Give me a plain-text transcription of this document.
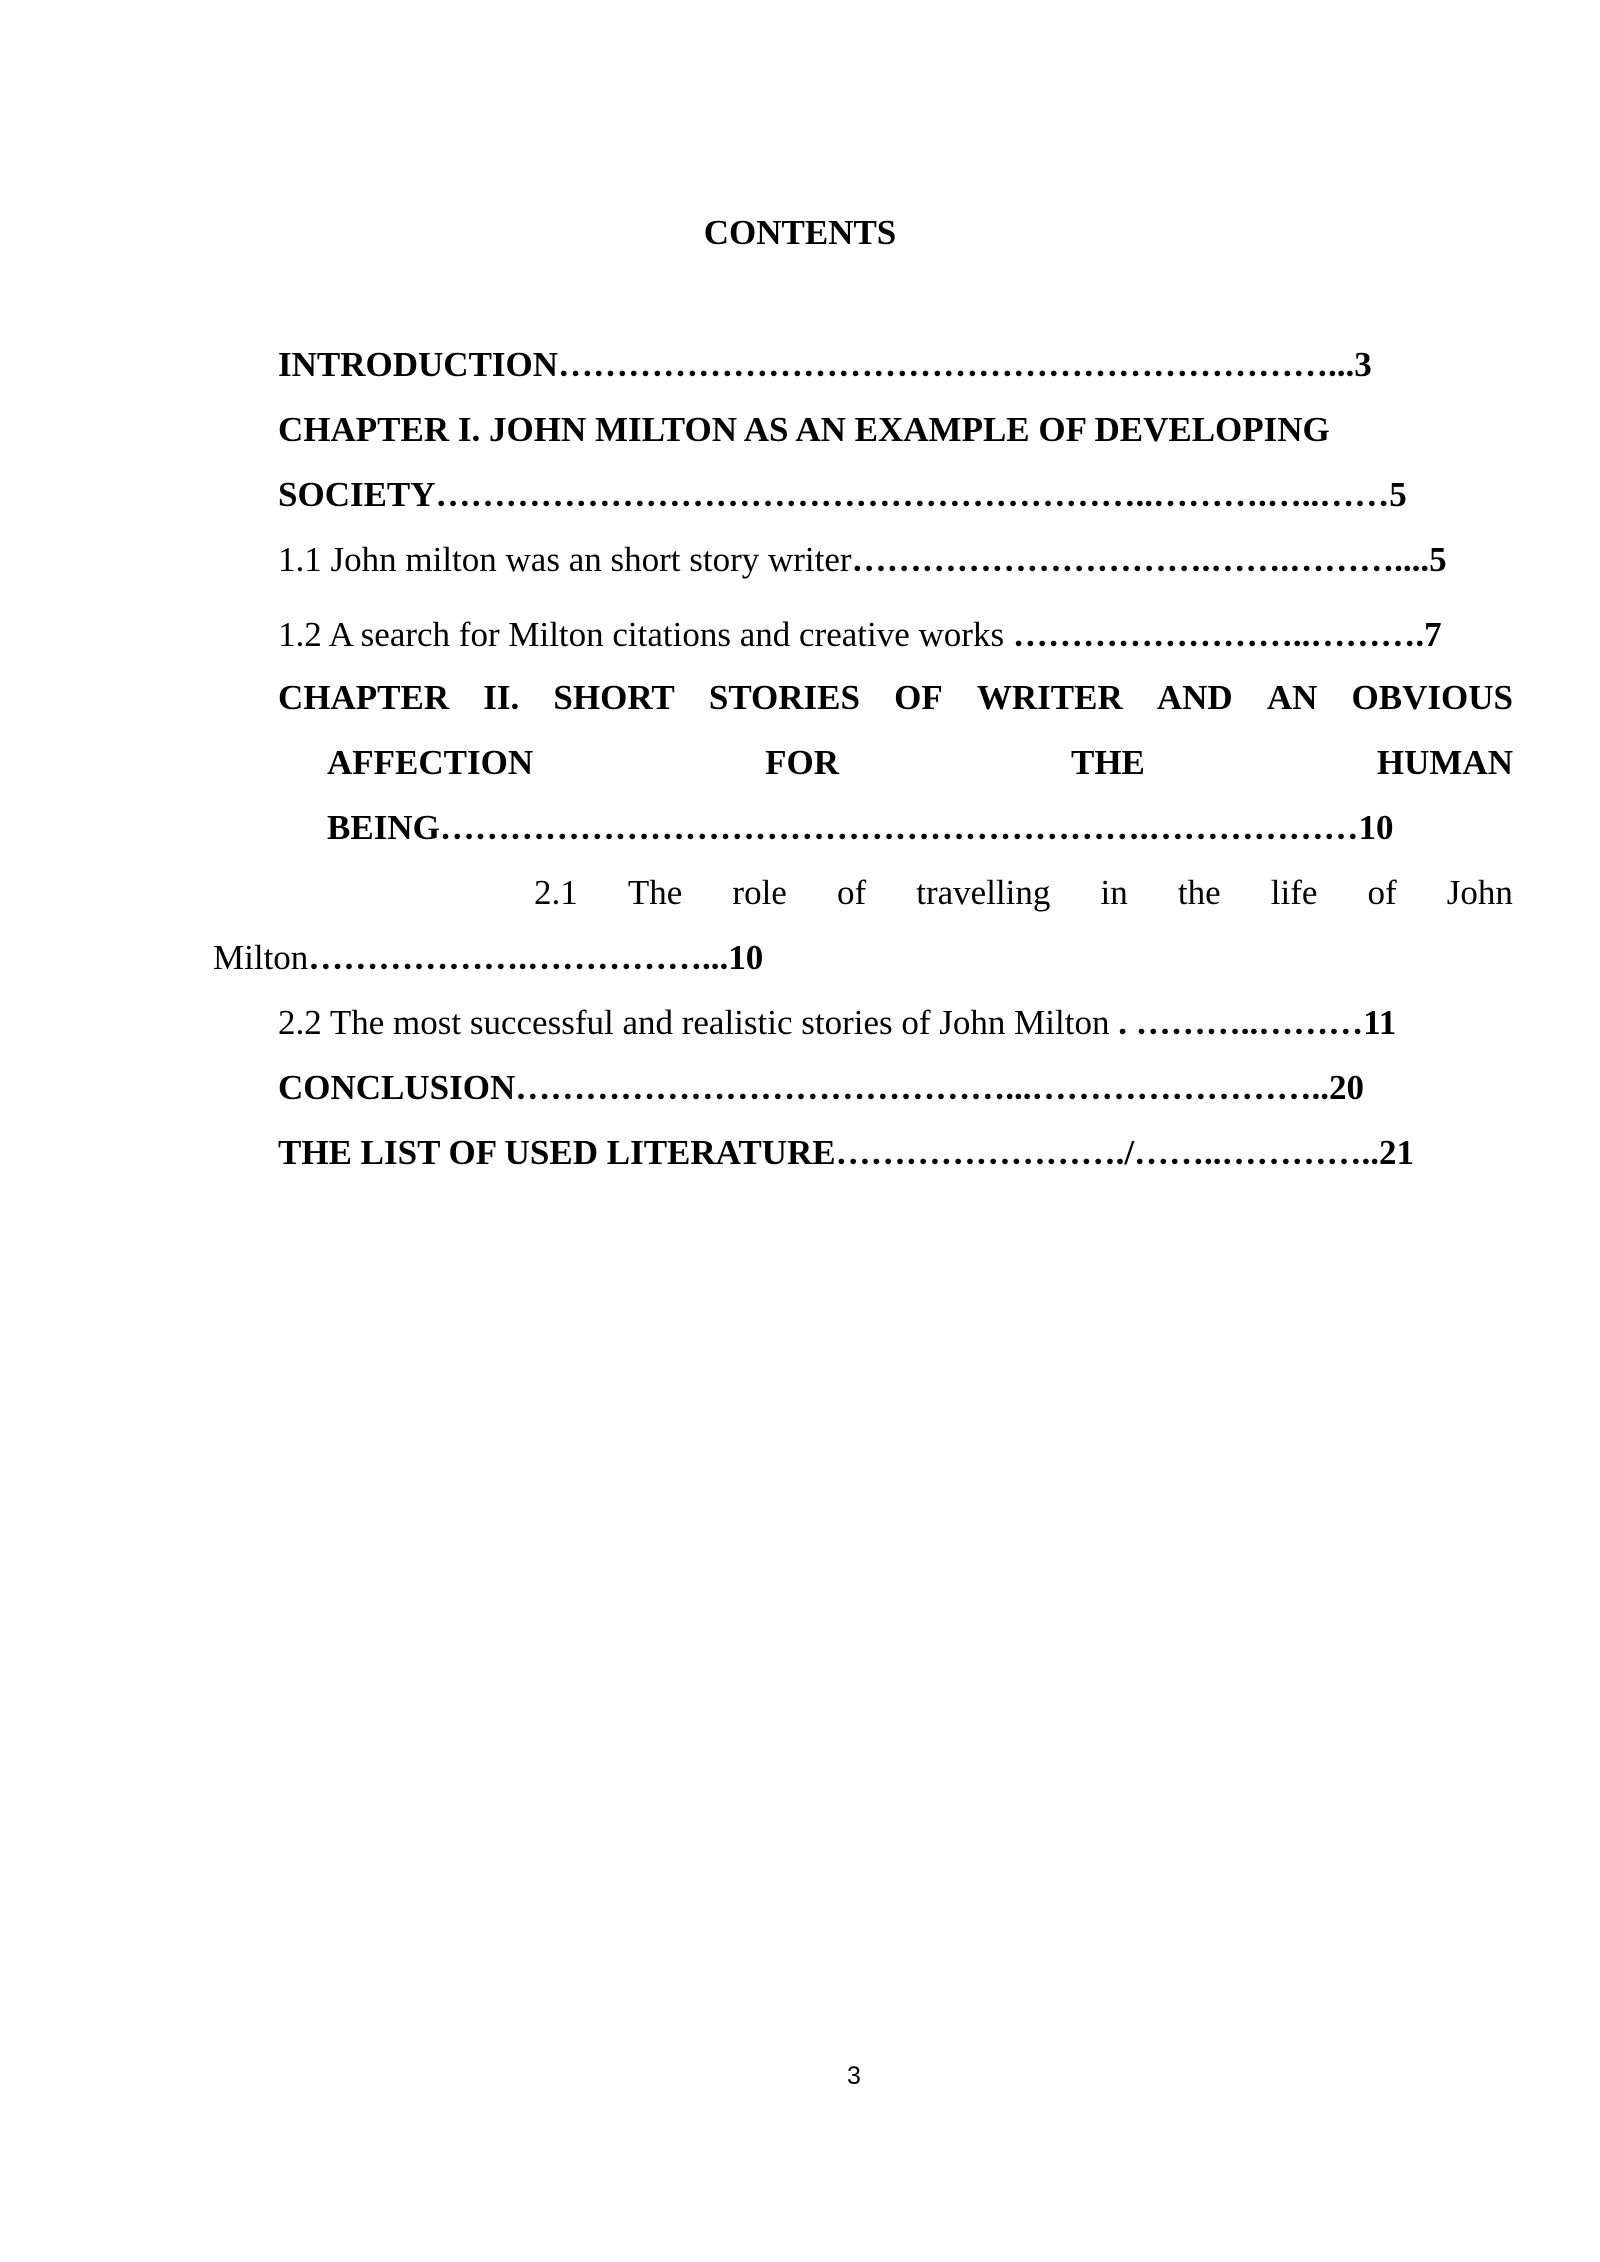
CONTENTS
INTRODUCTION…………………………………………………………...3
CHAPTER I. JOHN MILTON AS AN EXAMPLE OF DEVELOPING
SOCIETY……………………………………………………..……….…..……5
1.1 John milton was an short story writer………………………….…….………....5
1.2 A search for Milton citations and creative works ……………………..……….7
CHAPTER II. SHORT STORIES OF WRITER AND AN OBVIOUS
AFFECTION	FOR	THE	HUMAN
BEING…………………………………………………….………………10
2.1 The role of travelling in the life of John
Milton……………….……………...10
2.2 The most successful and realistic stories of John Milton . ………..………11
CONCLUSION……………………………………...……………………..20
THE LIST OF USED LITERATURE……………………./……..…………..21
3
